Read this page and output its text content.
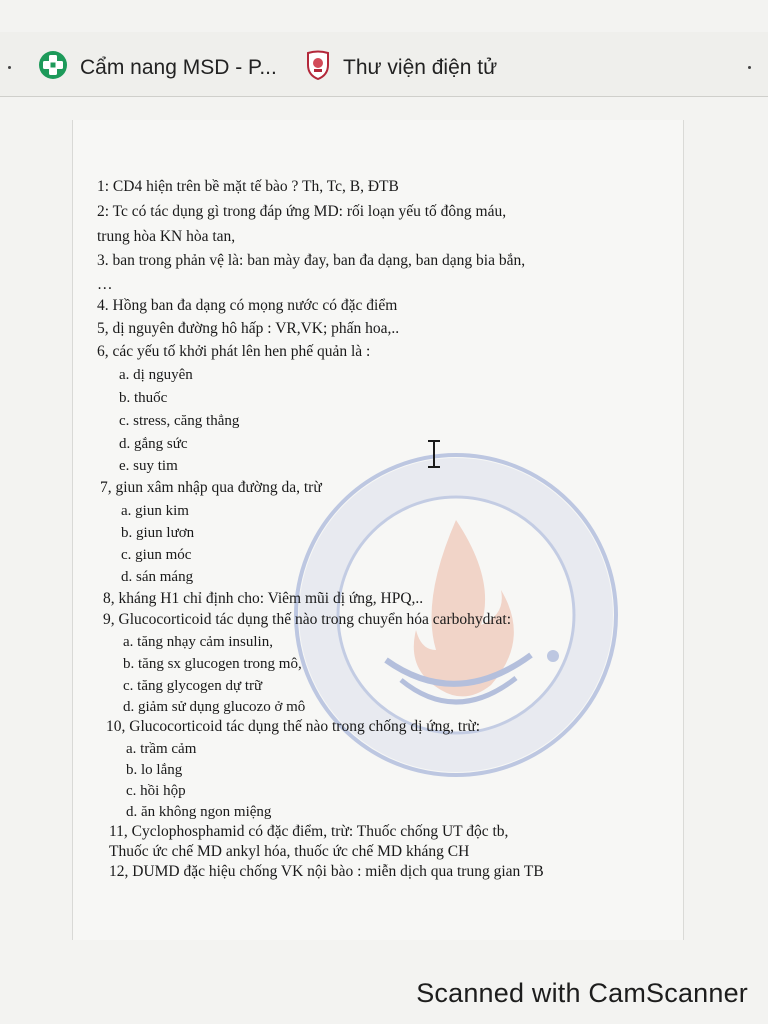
Cẩm nang MSD - P...	Thư viện điện tử
1: CD4 hiện trên bề mặt tế bào ? Th, Tc, B, ĐTB
2: Tc có tác dụng gì trong đáp ứng MD: rối loạn yếu tố đông máu,
trung hòa KN hòa tan,
3. ban trong phản vệ là: ban mày đay, ban đa dạng, ban dạng bia bắn,
…
4. Hồng ban đa dạng có mọng nước có đặc điểm
5, dị nguyên đường hô hấp : VR,VK; phấn hoa,..
6, các yếu tố khởi phát lên hen phế quản là :
a. dị nguyên
b. thuốc
c. stress, căng thẳng
d. gắng sức
e. suy tim
7, giun xâm nhập qua đường da, trừ
a. giun kim
b. giun lươn
c. giun móc
d. sán máng
8, kháng H1 chỉ định cho: Viêm mũi dị ứng, HPQ,..
9, Glucocorticoid tác dụng thế nào trong chuyển hóa carbohydrat:
a. tăng nhạy cảm insulin,
b. tăng sx glucogen trong mô,
c. tăng glycogen dự trữ
d. giảm sử dụng glucozo ở mô
10, Glucocorticoid tác dụng thế nào trong chống dị ứng, trừ:
a. trầm cảm
b. lo lắng
c. hồi hộp
d. ăn không ngon miệng
11, Cyclophosphamid có đặc điểm, trừ: Thuốc chống UT độc tb,
Thuốc ức chế MD ankyl hóa, thuốc ức chế MD kháng CH
12, DUMD đặc hiệu chống VK nội bào : miễn dịch qua trung gian TB
Scanned with CamScanner
